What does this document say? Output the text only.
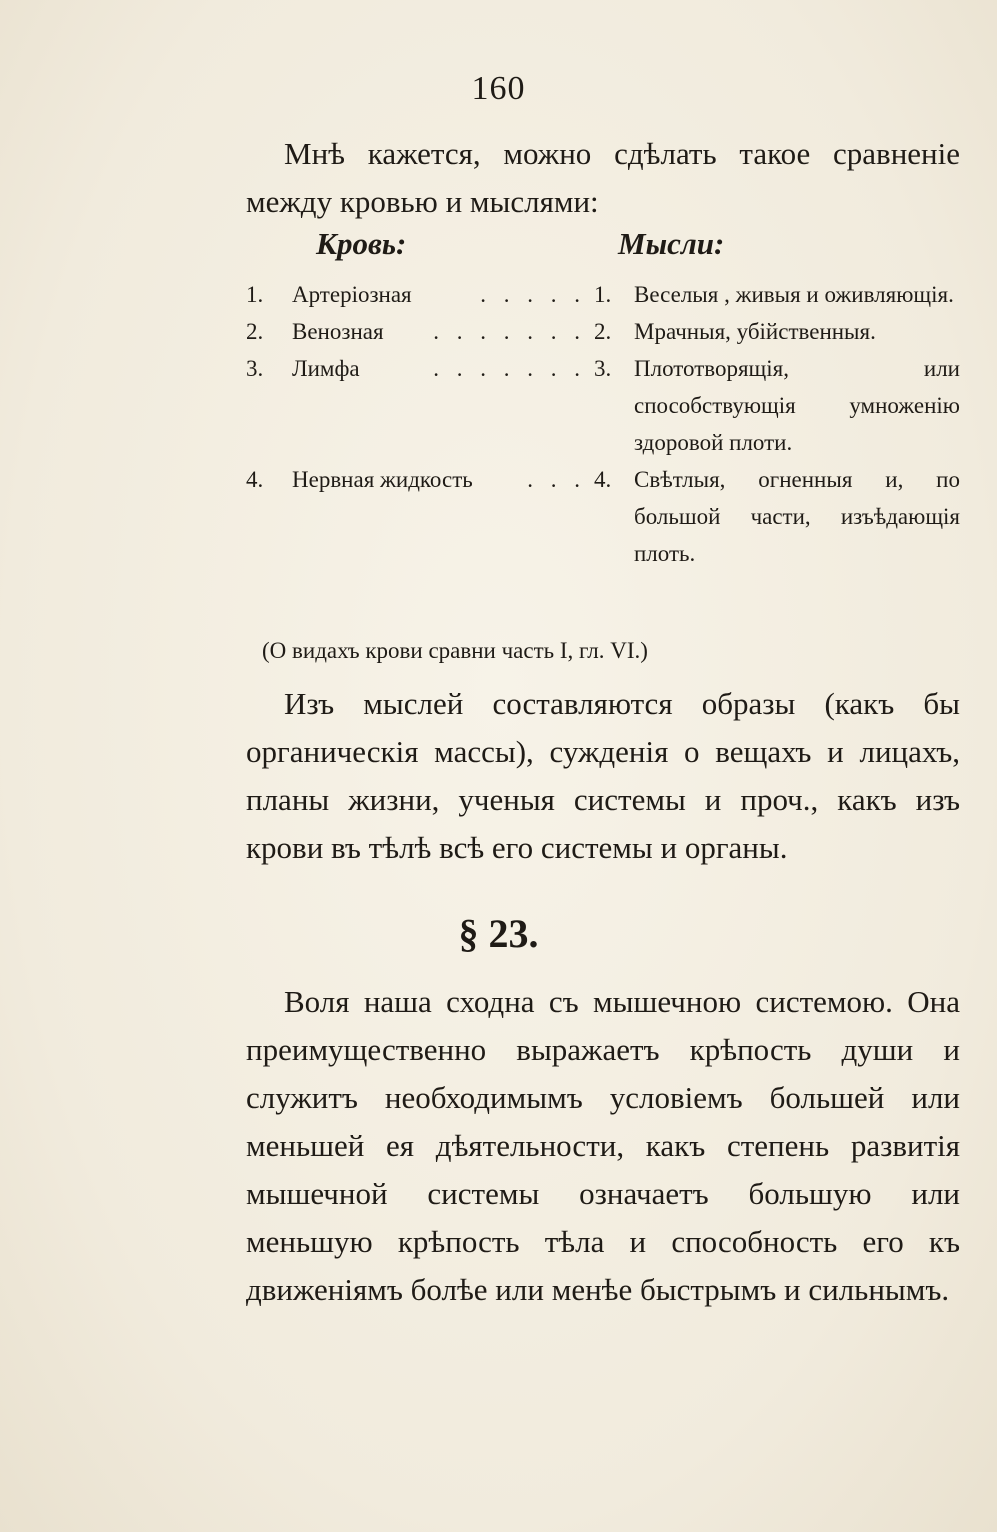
160

Мнѣ кажется, можно сдѣлать такое сравненіе между кровью и мыслями:

Кровь:	Мысли:
1. Артеріозная	. . . . . 1. Веселыя , живыя и оживляющія.
2. Венозная	. . . . . . . 2. Мрачныя, убійственныя.
3. Лимфа	. . . . . . . 3. Плототворящія, или способствующія умноженію здоровой плоти.
4. Нервная жидкость	. . . 4. Свѣтлыя, огненныя и, по большой части, изъѣдающія плоть.
(О видахъ крови сравни часть I, гл. VI.)

Изъ мыслей составляются образы (какъ бы органическія массы), сужденія о вещахъ и лицахъ, планы жизни, ученыя системы и проч., какъ изъ крови въ тѣлѣ всѣ его системы и органы.

§ 23.

Воля наша сходна съ мышечною системою. Она преимущественно выражаетъ крѣпость души и служитъ необходимымъ условіемъ большей или меньшей ея дѣятельности, какъ степень развитія мышечной системы означаетъ большую или меньшую крѣпость тѣла и способность его къ движеніямъ болѣе или менѣе быстрымъ и сильнымъ.
